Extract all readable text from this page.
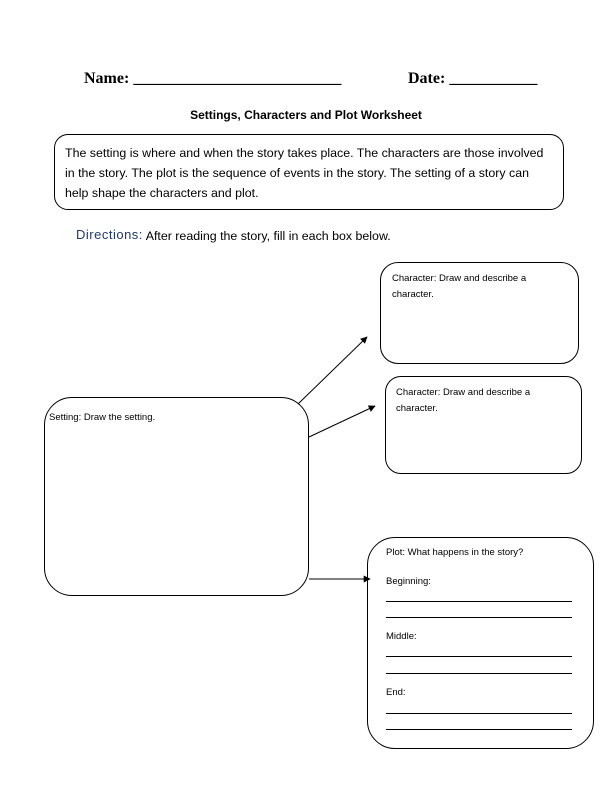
Name: __________________________	Date: ___________
Settings, Characters and Plot Worksheet
The setting is where and when the story takes place. The characters are those involved in the story. The plot is the sequence of events in the story. The setting of a story can help shape the characters and plot.
Directions: After reading the story, fill in each box below.
Setting: Draw the setting.
Character: Draw and describe a character.
Character: Draw and describe a character.
Plot: What happens in the story?
Beginning:
Middle:
End:
